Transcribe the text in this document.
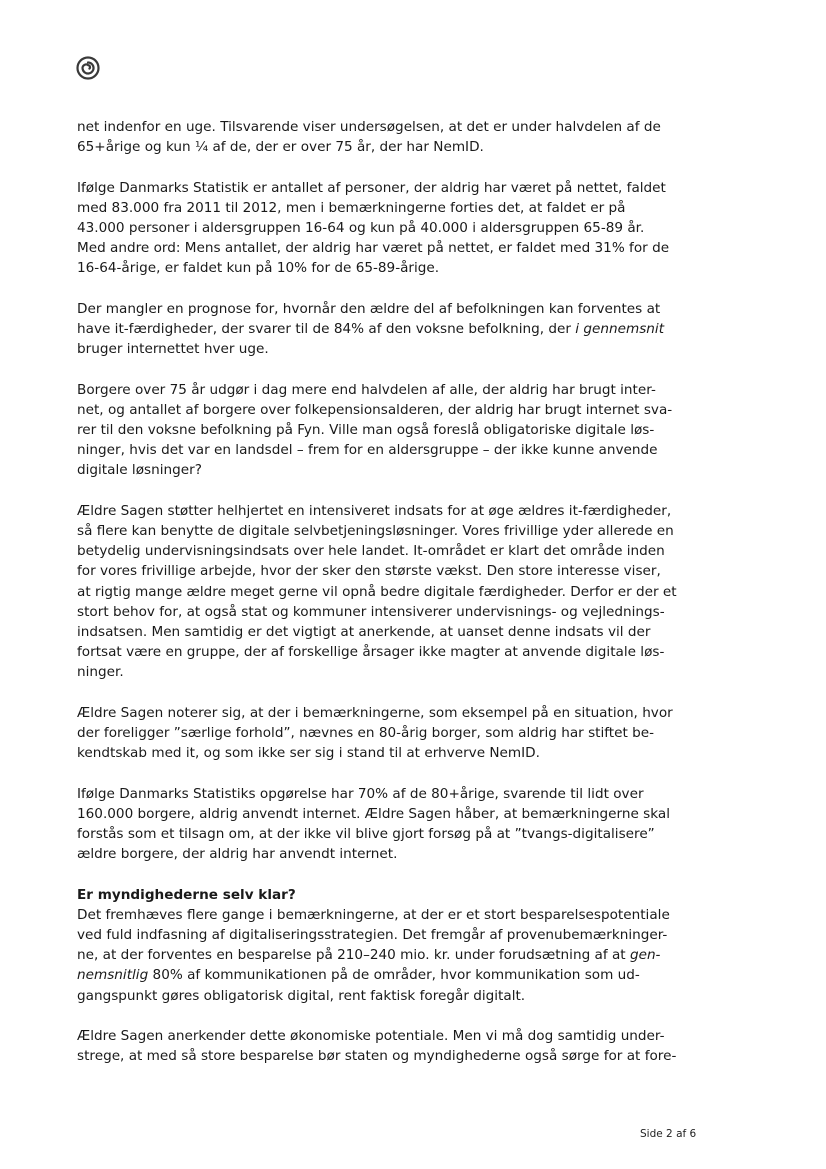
net indenfor en uge. Tilsvarende viser undersøgelsen, at det er under halvdelen af de
65+årige og kun ¼ af de, der er over 75 år, der har NemID.

Ifølge Danmarks Statistik er antallet af personer, der aldrig har været på nettet, faldet
med 83.000 fra 2011 til 2012, men i bemærkningerne forties det, at faldet er på
43.000 personer i aldersgruppen 16-64 og kun på 40.000 i aldersgruppen 65-89 år.
Med andre ord: Mens antallet, der aldrig har været på nettet, er faldet med 31% for de
16-64-årige, er faldet kun på 10% for de 65-89-årige.

Der mangler en prognose for, hvornår den ældre del af befolkningen kan forventes at
have it-færdigheder, der svarer til de 84% af den voksne befolkning, der i gennemsnit
bruger internettet hver uge.

Borgere over 75 år udgør i dag mere end halvdelen af alle, der aldrig har brugt inter-
net, og antallet af borgere over folkepensionsalderen, der aldrig har brugt internet sva-
rer til den voksne befolkning på Fyn. Ville man også foreslå obligatoriske digitale løs-
ninger, hvis det var en landsdel – frem for en aldersgruppe – der ikke kunne anvende
digitale løsninger?

Ældre Sagen støtter helhjertet en intensiveret indsats for at øge ældres it-færdigheder,
så flere kan benytte de digitale selvbetjeningsløsninger. Vores frivillige yder allerede en
betydelig undervisningsindsats over hele landet. It-området er klart det område inden
for vores frivillige arbejde, hvor der sker den største vækst. Den store interesse viser,
at rigtig mange ældre meget gerne vil opnå bedre digitale færdigheder. Derfor er der et
stort behov for, at også stat og kommuner intensiverer undervisnings- og vejlednings-
indsatsen. Men samtidig er det vigtigt at anerkende, at uanset denne indsats vil der
fortsat være en gruppe, der af forskellige årsager ikke magter at anvende digitale løs-
ninger.

Ældre Sagen noterer sig, at der i bemærkningerne, som eksempel på en situation, hvor
der foreligger ”særlige forhold”, nævnes en 80-årig borger, som aldrig har stiftet be-
kendtskab med it, og som ikke ser sig i stand til at erhverve NemID.

Ifølge Danmarks Statistiks opgørelse har 70% af de 80+årige, svarende til lidt over
160.000 borgere, aldrig anvendt internet. Ældre Sagen håber, at bemærkningerne skal
forstås som et tilsagn om, at der ikke vil blive gjort forsøg på at ”tvangs-digitalisere”
ældre borgere, der aldrig har anvendt internet.

Er myndighederne selv klar?

Det fremhæves flere gange i bemærkningerne, at der er et stort besparelsespotentiale
ved fuld indfasning af digitaliseringsstrategien. Det fremgår af provenubemærkninger-
ne, at der forventes en besparelse på 210–240 mio. kr. under forudsætning af at gen-
nemsnitlig 80% af kommunikationen på de områder, hvor kommunikation som ud-
gangspunkt gøres obligatorisk digital, rent faktisk foregår digitalt.

Ældre Sagen anerkender dette økonomiske potentiale. Men vi må dog samtidig under-
strege, at med så store besparelse bør staten og myndighederne også sørge for at fore-

Side 2 af 6
